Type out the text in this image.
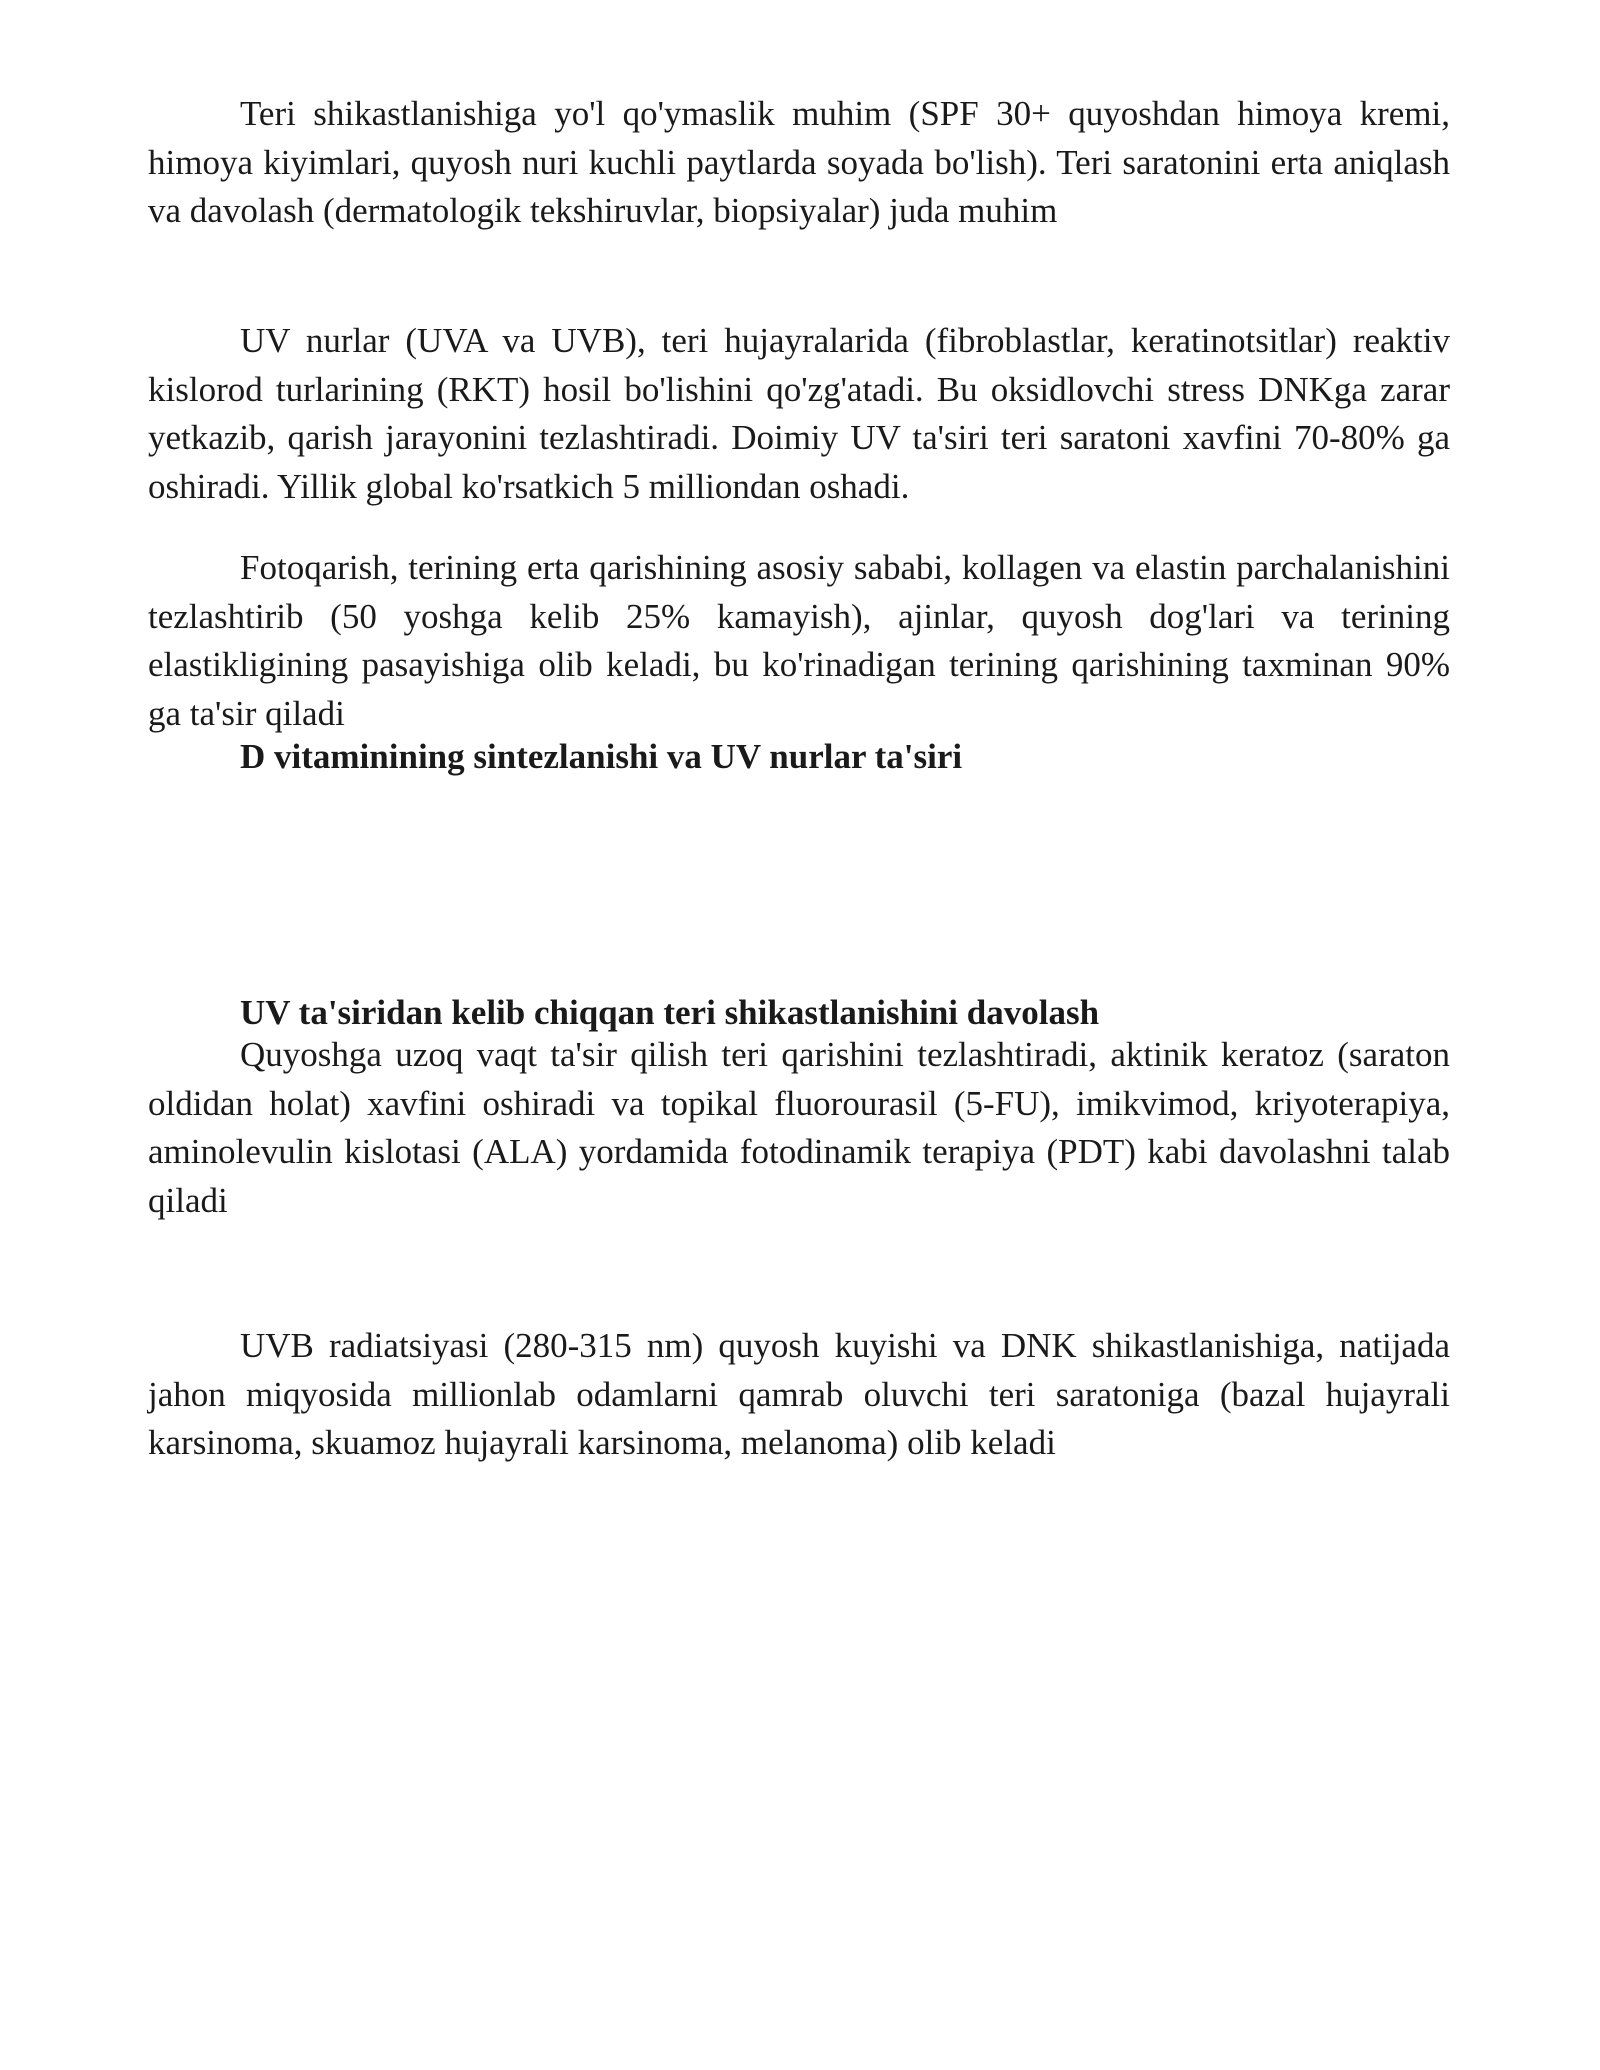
Teri shikastlanishiga yo'l qo'ymaslik muhim (SPF 30+ quyoshdan himoya kremi, himoya kiyimlari, quyosh nuri kuchli paytlarda soyada bo'lish). Teri saratonini erta aniqlash va davolash (dermatologik tekshiruvlar, biopsiyalar) juda muhim

UV nurlar (UVA va UVB), teri hujayralarida (fibroblastlar, keratinotsitlar) reaktiv kislorod turlarining (RKT) hosil bo'lishini qo'zg'atadi. Bu oksidlovchi stress DNKga zarar yetkazib, qarish jarayonini tezlashtiradi. Doimiy UV ta'siri teri saratoni xavfini 70-80% ga oshiradi. Yillik global ko'rsatkich 5 milliondan oshadi.

Fotoqarish, terining erta qarishining asosiy sababi, kollagen va elastin parchalanishini tezlashtirib (50 yoshga kelib 25% kamayish), ajinlar, quyosh dog'lari va terining elastikligining pasayishiga olib keladi, bu ko'rinadigan terining qarishining taxminan 90% ga ta'sir qiladi

D vitaminining sintezlanishi va UV nurlar ta'siri

UV ta'siridan kelib chiqqan teri shikastlanishini davolash

Quyoshga uzoq vaqt ta'sir qilish teri qarishini tezlashtiradi, aktinik keratoz (saraton oldidan holat) xavfini oshiradi va topikal fluorourasil (5-FU), imikvimod, kriyoterapiya, aminolevulin kislotasi (ALA) yordamida fotodinamik terapiya (PDT) kabi davolashni talab qiladi

UVB radiatsiyasi (280-315 nm) quyosh kuyishi va DNK shikastlanishiga, natijada jahon miqyosida millionlab odamlarni qamrab oluvchi teri saratoniga (bazal hujayrali karsinoma, skuamoz hujayrali karsinoma, melanoma) olib keladi
